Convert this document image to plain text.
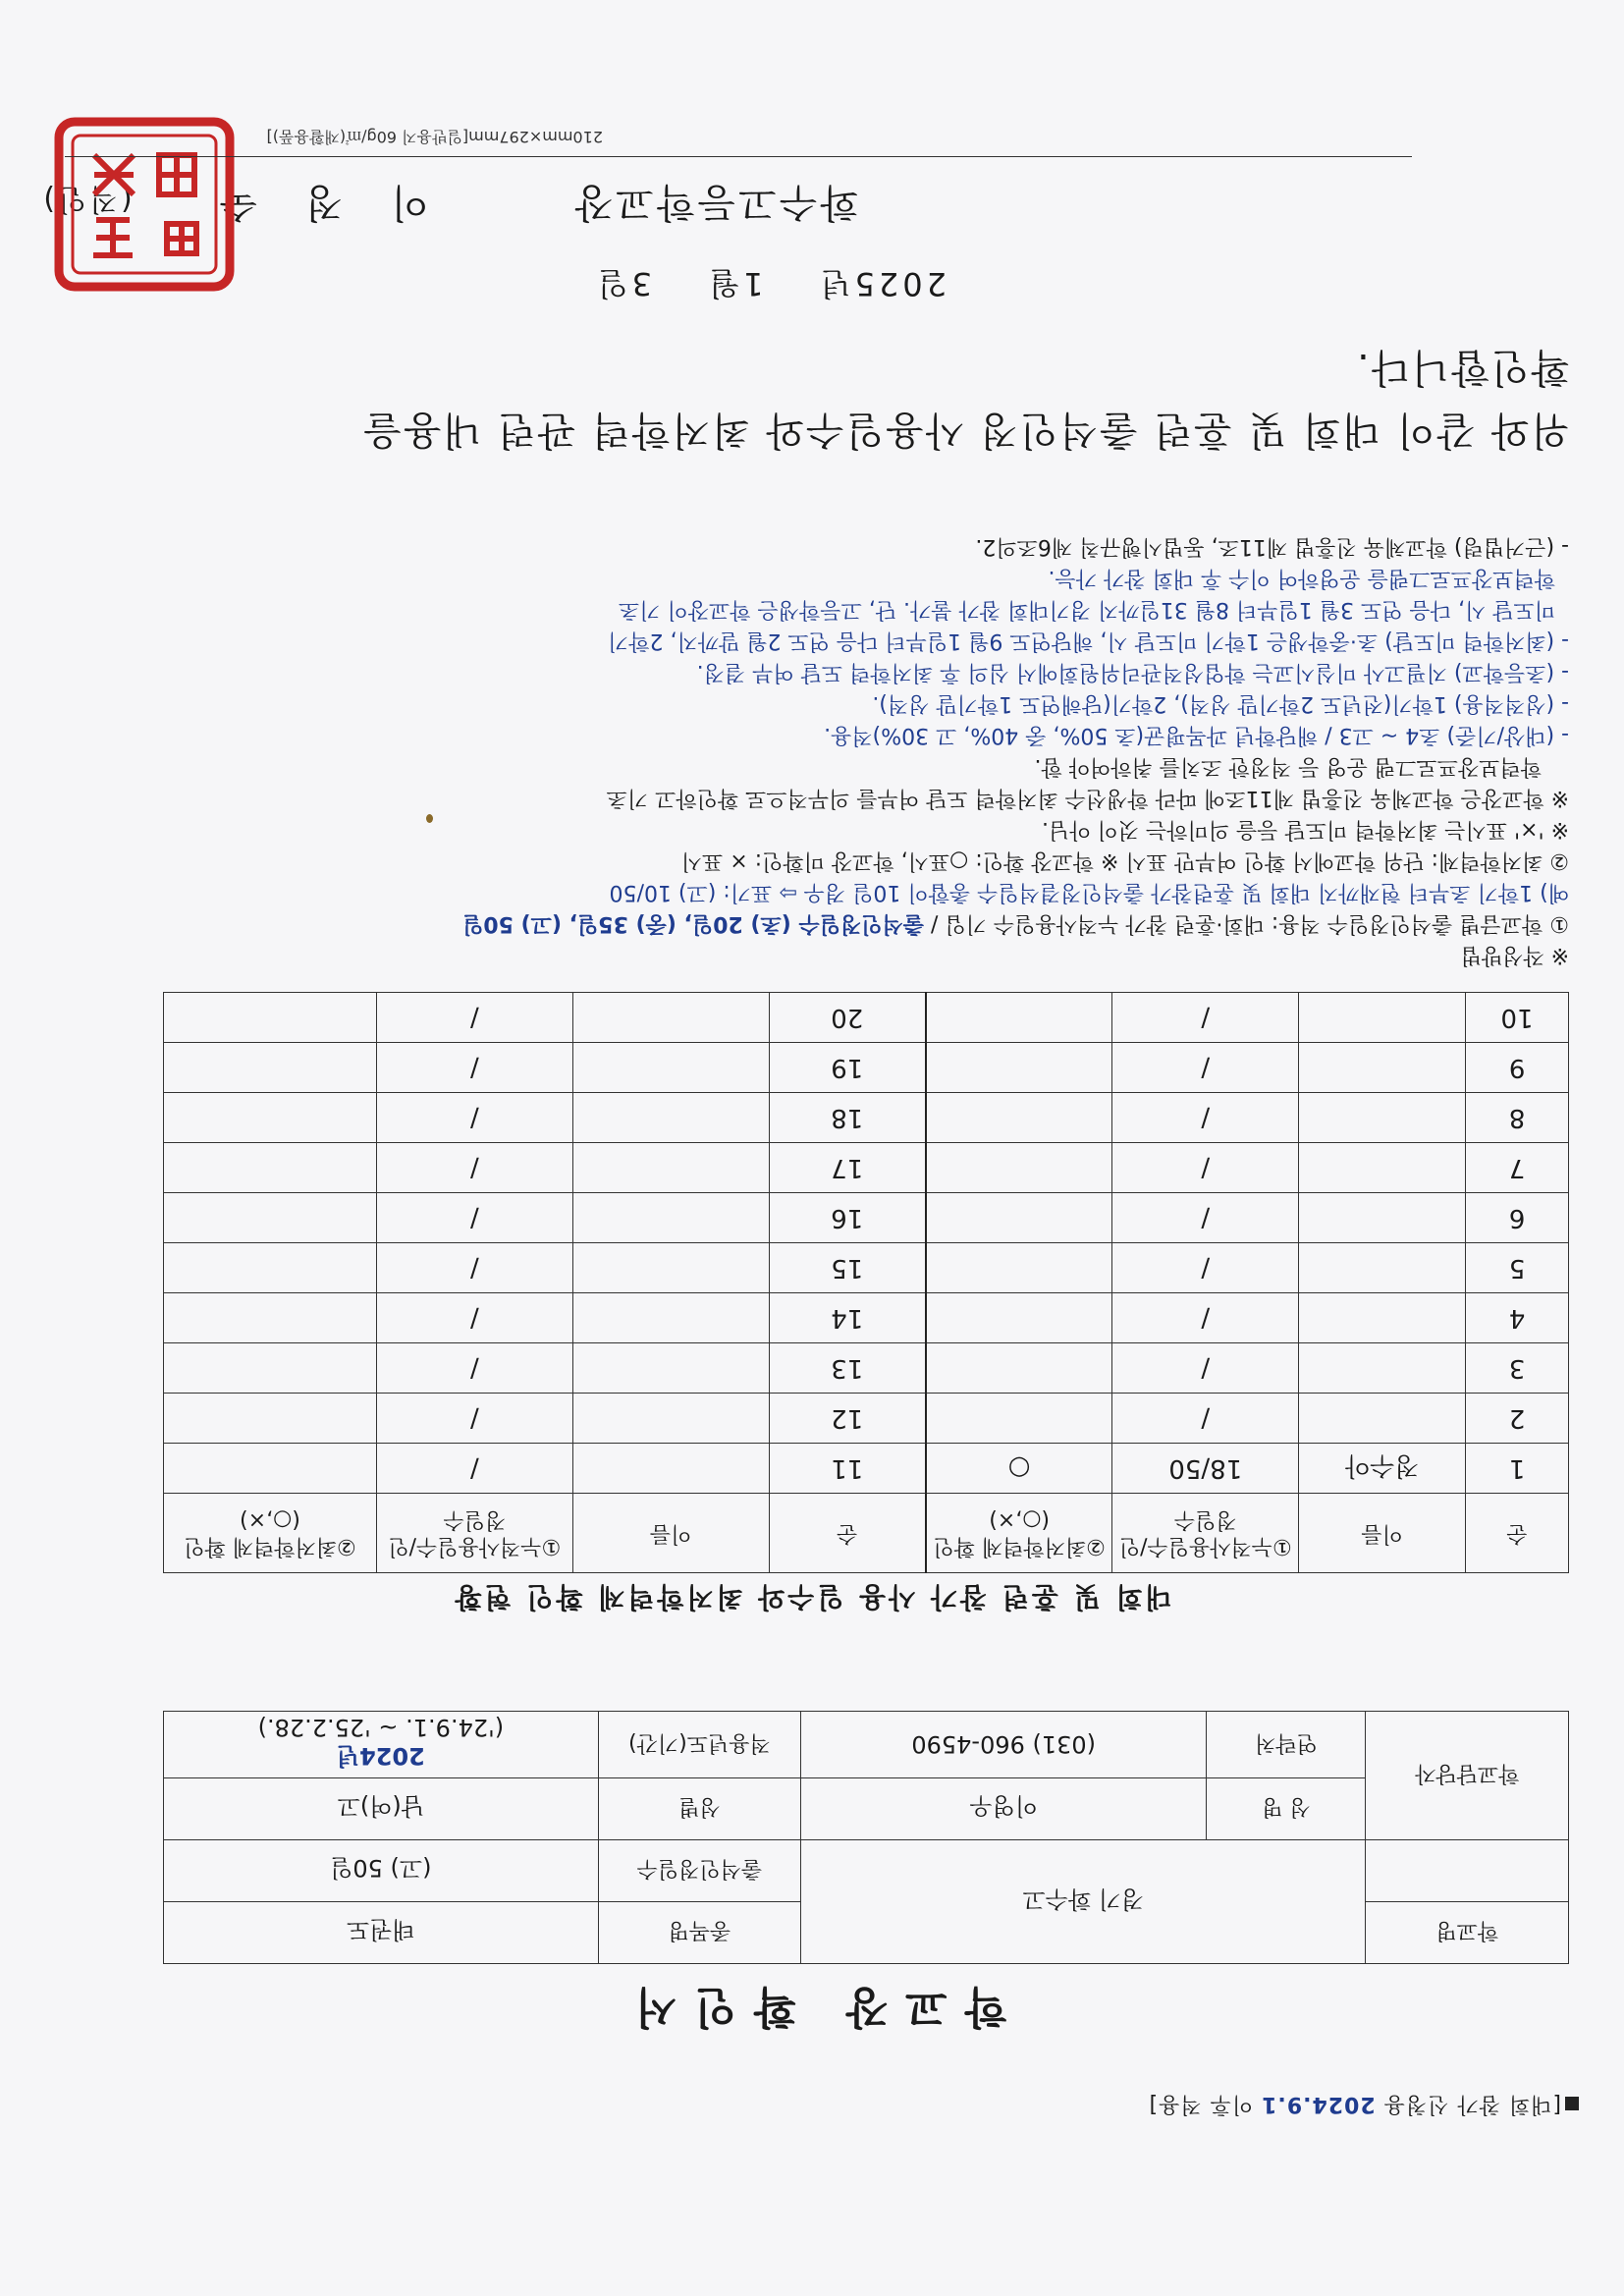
[대회 참가 신청용 2024.9.1 이후 적용]
학교장 확인서
학교명	경기 화수고		종목명	태권도
			출석인정일수	(고) 50일
학교담당자	성 명	이영우	성별	남(여)고
	연락처	(031) 960-4590	적용년도(기간)	2024년
('24.9.1. ~ '25.2.28.)
대회 및 훈련 참가 사용 일수와 최저학력제 확인 현황
순	이름	①누적사용일수/인정일수	②최저학력제 확인(○,×)	순	이름	①누적사용일수/인정일수	②최저학력제 확인(○,×)
1	정수아	18/50	○	11		/	
2		/		12		/	
3		/		13		/	
4		/		14		/	
5		/		15		/	
6		/		16		/	
7		/		17		/	
8		/		18		/	
9		/		19		/	
10		/		20		/	
※ 작성방법
① 학교급별 출석인정일수 적용: 대회·훈련 참가 누적사용일수 기입 / 출석인정일수 (초) 20일, (중) 35일, (고) 50일
예) 1학기 초부터 현재까지 대회 및 훈련참가 출석인정결석일수 총합이 10일 경우 ⇨ 표기: (고) 10/50
② 최저학력제: 단위 학교에서 확인 여부만 표시 ※ 학교장 확인: ○표시, 학교장 미확인: × 표시
※ '×' 표시는 최저학력 미도달 등을 의미하는 것이 아님.
※ 학교장은 학교체육 진흥법 제11조에 따라 학생선수 최저학력 도달 여부를 의무적으로 확인하고 기초
학력보장프로그램 운영 등 적정한 조치를 취하여야 함.
- (대상/기준) 초4 ~ 고3 / 해당학년 과목평균(초 50%, 중 40%, 고 30%)적용.
- (성적적용) 1학기(전년도 2학기말 성적), 2학기(당해연도 1학기말 성적).
- (초등학교) 지필고사 미실시교는 학업성적관리위원회에서 심의 후 최저학력 도달 여부 결정.
- (최저학력 미도달) 초·중학생은 1학기 미도달 시, 해당연도 9월 1일부터 다음 연도 2월 말까지, 2학기
미도달 시, 다음 연도 3월 1일부터 8월 31일까지 경기대회 참가 불가. 단, 고등학생은 학교장이 기초
학력보장프로그램을 운영하여 이수 후 대회 참가 가능.
- (근거법령) 학교체육 진흥법 제11조, 동법시행규칙 제6조의2.
위와 같이 대회 및 훈련 출석인정 사용일수와 최저학력 관련 내용을
확인합니다.
2025년 1월 3일
화수고등학교장 이 정 숙 (직인)
210mm×297mm[일반용지 60g/㎡(재활용품)]
